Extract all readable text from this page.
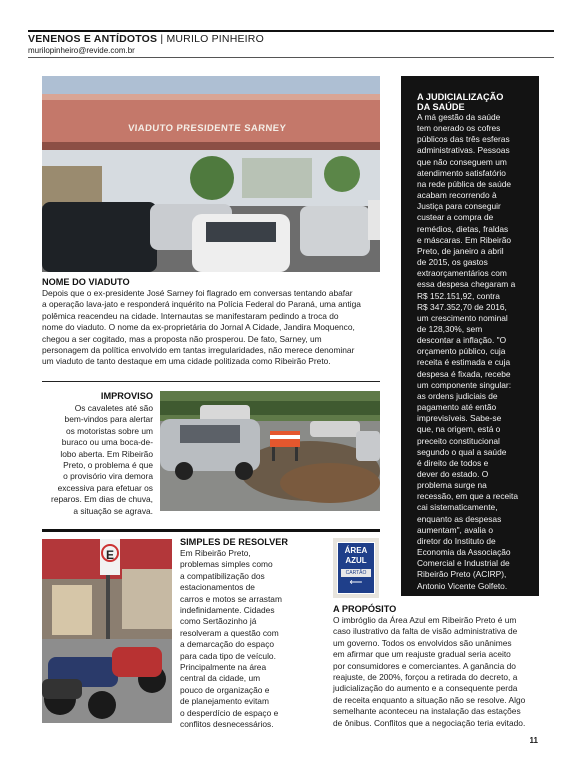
VENENOS E ANTÍDOTOS | MURILO PINHEIRO
murilopinheiro@revide.com.br
VIADUTO PRESIDENTE SARNEY
NOME DO VIADUTO
Depois que o ex-presidente José Sarney foi flagrado em conversas tentando abafar
a operação lava-jato e responderá inquérito na Polícia Federal do Paraná, uma antiga
polêmica reacendeu na cidade. Internautas se manifestaram pedindo a troca do
nome do viaduto. O nome da ex-proprietária do Jornal A Cidade, Jandira Moquenco,
chegou a ser cogitado, mas a proposta não prosperou. De fato, Sarney, um
personagem da política envolvido em tantas irregularidades, não merece denominar
um viaduto de tanto destaque em uma cidade politizada como Ribeirão Preto.
IMPROVISO
Os cavaletes até são
bem-vindos para alertar
os motoristas sobre um
buraco ou uma boca-de-
lobo aberta. Em Ribeirão
Preto, o problema é que
o provisório vira demora
excessiva para efetuar os
reparos. Em dias de chuva,
a situação se agrava.
E
SIMPLES DE RESOLVER
Em Ribeirão Preto,
problemas simples como
a compatibilização dos
estacionamentos de
carros e motos se arrastam
indefinidamente. Cidades
como Sertãozinho já
resolveram a questão com
a demarcação do espaço
para cada tipo de veículo.
Principalmente na área
central da cidade, um
pouco de organização e
de planejamento evitam
o desperdício de espaço e
conflitos desnecessários.
ÁREA
AZUL
CARTÃO
⟵
A PROPÓSITO
O imbróglio da Área Azul em Ribeirão Preto é um
caso ilustrativo da falta de visão administrativa de
um governo. Todos os envolvidos são unânimes
em afirmar que um reajuste gradual seria aceito
por consumidores e comerciantes. A ganância do
reajuste, de 200%, forçou a retirada do decreto, a
judicialização do aumento e a consequente perda
de receita enquanto a situação não se resolve. Algo
semelhante aconteceu na instalação das estações
de ônibus. Conflitos que a negociação teria evitado.
A JUDICIALIZAÇÃO
DA SAÚDE
A má gestão da saúde
tem onerado os cofres
públicos das três esferas
administrativas. Pessoas
que não conseguem um
atendimento satisfatório
na rede pública de saúde
acabam recorrendo à
Justiça para conseguir
custear a compra de
remédios, dietas, fraldas
e máscaras. Em Ribeirão
Preto, de janeiro a abril
de 2015, os gastos
extraorçamentários com
essa despesa chegaram a
R$ 152.151,92, contra
R$ 347.352,70 de 2016,
um crescimento nominal
de 128,30%, sem
descontar a inflação. "O
orçamento público, cuja
receita é estimada e cuja
despesa é fixada, recebe
um componente singular:
as ordens judiciais de
pagamento até então
imprevisíveis. Sabe-se
que, na origem, está o
preceito constitucional
segundo o qual a saúde
é direito de todos e
dever do estado. O
problema surge na
recessão, em que a receita
cai sistematicamente,
enquanto as despesas
aumentam", avalia o
diretor do Instituto de
Economia da Associação
Comercial e Industrial de
Ribeirão Preto (ACIRP),
Antonio Vicente Golfeto.
11
